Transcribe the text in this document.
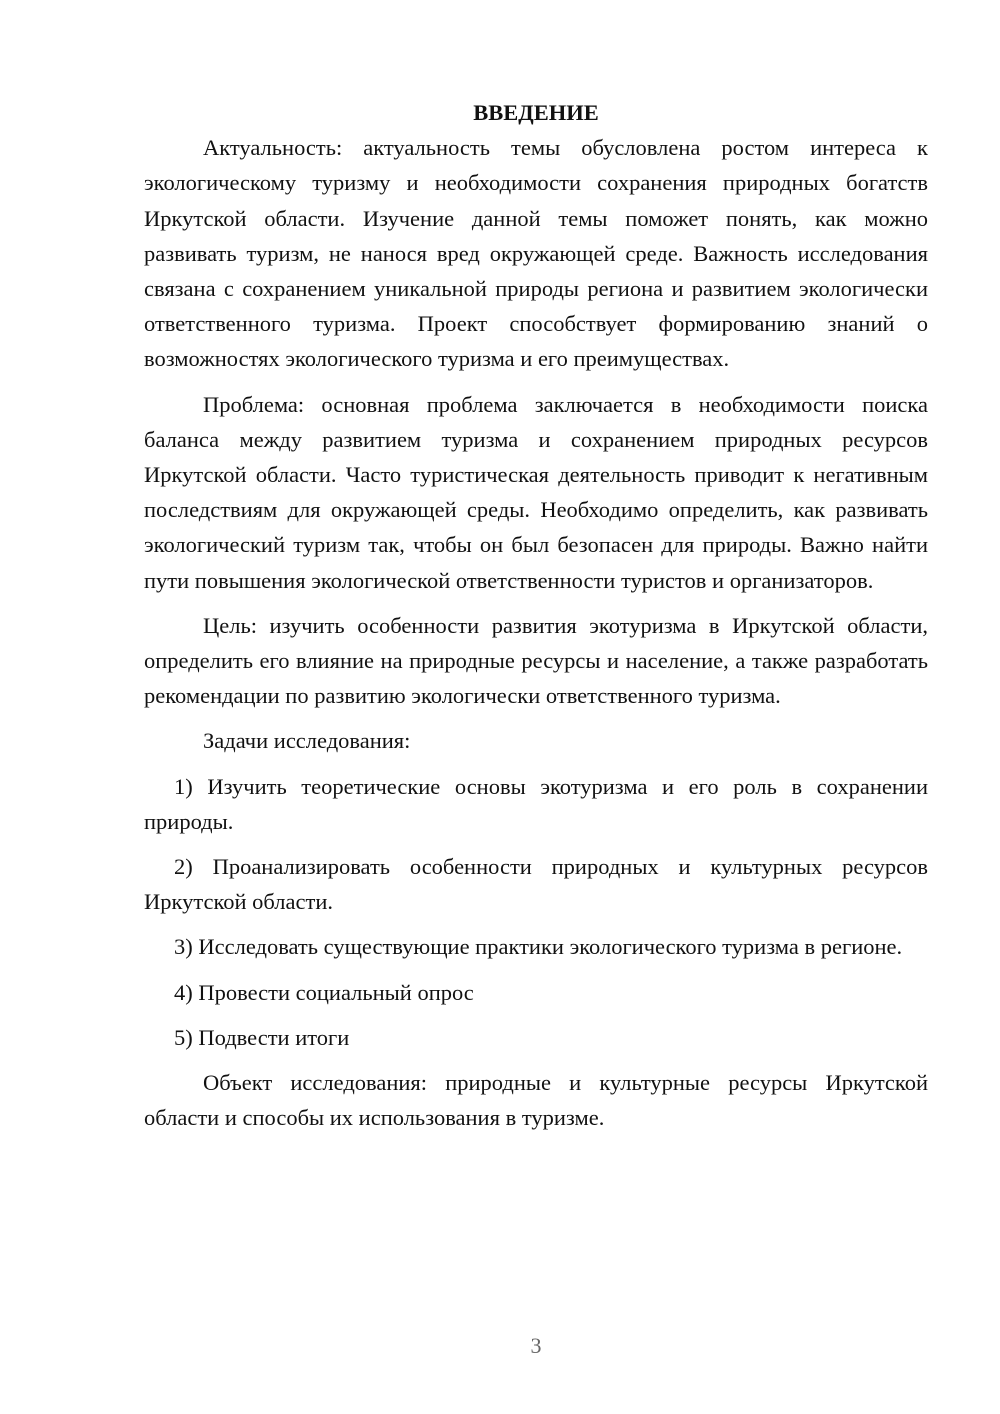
ВВЕДЕНИЕ

Актуальность: актуальность темы обусловлена ростом интереса к экологическому туризму и необходимости сохранения природных богатств Иркутской области. Изучение данной темы поможет понять, как можно развивать туризм, не нанося вред окружающей среде. Важность исследования связана с сохранением уникальной природы региона и развитием экологически ответственного туризма. Проект способствует формированию знаний о возможностях экологического туризма и его преимуществах.

Проблема: основная проблема заключается в необходимости поиска баланса между развитием туризма и сохранением природных ресурсов Иркутской области. Часто туристическая деятельность приводит к негативным последствиям для окружающей среды. Необходимо определить, как развивать экологический туризм так, чтобы он был безопасен для природы. Важно найти пути повышения экологической ответственности туристов и организаторов.

Цель: изучить особенности развития экотуризма в Иркутской области, определить его влияние на природные ресурсы и население, а также разработать рекомендации по развитию экологически ответственного туризма.

Задачи исследования:

1) Изучить теоретические основы экотуризма и его роль в сохранении природы.

2) Проанализировать особенности природных и культурных ресурсов Иркутской области.

3) Исследовать существующие практики экологического туризма в регионе.

4) Провести социальный опрос

5) Подвести итоги

Объект исследования: природные и культурные ресурсы Иркутской области и способы их использования в туризме.

3
